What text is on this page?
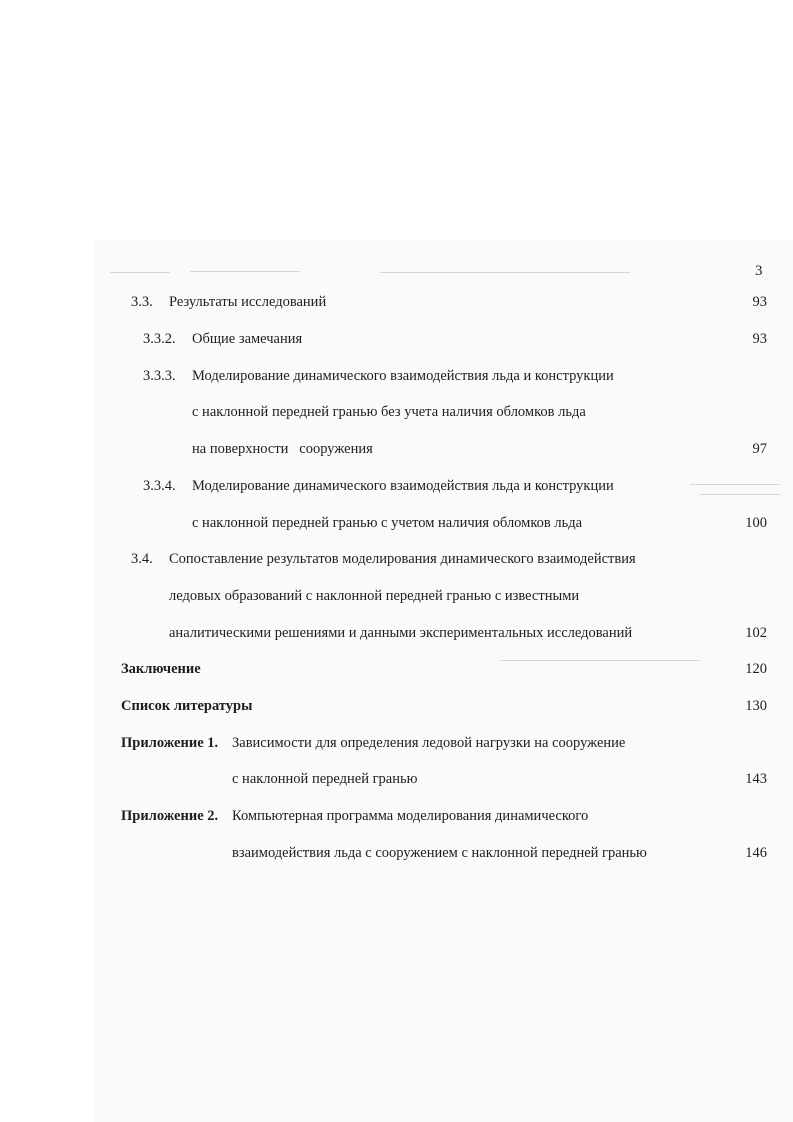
3
3.3. Результаты исследований	93
3.3.2. Общие замечания	93
3.3.3. Моделирование динамического взаимодействия льда и конструкции
с наклонной передней гранью без учета наличия обломков льда
на поверхности   сооружения	97
3.3.4. Моделирование динамического взаимодействия льда и конструкции
с наклонной передней гранью с учетом наличия обломков льда	100
3.4. Сопоставление результатов моделирования динамического взаимодействия
ледовых образований с наклонной передней гранью с известными
аналитическими решениями и данными экспериментальных исследований	102
Заключение	120
Список литературы	130
Приложение 1. Зависимости для определения ледовой нагрузки на сооружение
с наклонной передней гранью	143
Приложение 2. Компьютерная программа моделирования динамического
взаимодействия льда с сооружением с наклонной передней гранью	146
